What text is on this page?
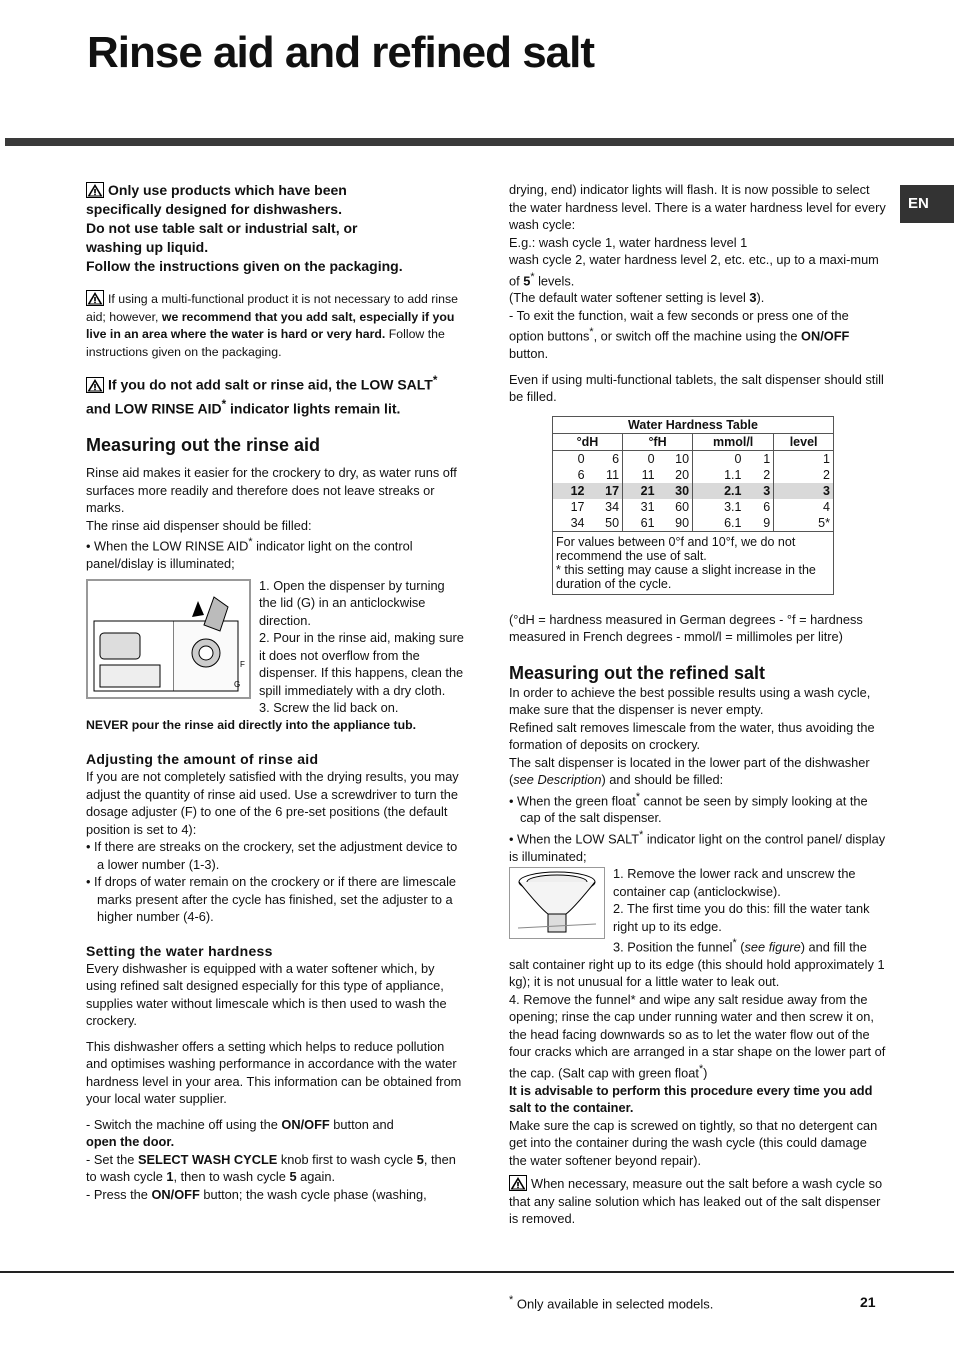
Rinse aid and refined salt
EN
Only use products which have been
specifically designed for dishwashers.
Do not use table salt or industrial salt, or
washing up liquid.
Follow the instructions given on the packaging.

If using a multi-functional product it is not necessary to add rinse aid; however, we recommend that you add salt, especially if you live in an area where the water is hard or very hard. Follow the instructions given on the packaging.

If you do not add salt or rinse aid, the LOW SALT* and LOW RINSE AID* indicator lights remain lit.
Measuring out the rinse aid

Rinse aid makes it easier for the crockery to dry, as water runs off surfaces more readily and therefore does not leave streaks or marks.

The rinse aid dispenser should be filled:

• When the LOW RINSE AID* indicator light on the control panel/dislay is illuminated;

F
G

1. Open the dispenser by turning the lid (G) in an anticlockwise direction.

2. Pour in the rinse aid, making sure it does not overflow from the dispenser. If this happens, clean the spill immediately with a dry cloth.

3. Screw the lid back on.

NEVER pour the rinse aid directly into the appliance tub.

Adjusting the amount of rinse aid

If you are not completely satisfied with the drying results, you may adjust the quantity of rinse aid used. Use a screwdriver to turn the dosage adjuster (F) to one of the 6 pre-set positions (the default position is set to 4):

• If there are streaks on the crockery, set the adjustment device to a lower number (1-3).

• If drops of water remain on the crockery or if there are limescale marks present after the cycle has finished, set the adjuster to a higher number (4-6).

Setting the water hardness

Every dishwasher is equipped with a water softener which, by using refined salt designed especially for this type of appliance, supplies water without limescale which is then used to wash the crockery.

This dishwasher offers a setting which helps to reduce pollution and optimises washing performance in accordance with the water hardness level in your area. This information can be obtained from your local water supplier.

- Switch the machine off using the ON/OFF button and
open the door.

- Set the SELECT WASH CYCLE knob first to wash cycle 5, then to wash cycle 1, then to wash cycle 5 again.

- Press the ON/OFF button; the wash cycle phase (washing,

drying, end) indicator lights will flash. It is now possible to select the water hardness level. There is a water hardness level for every wash cycle:

E.g.: wash cycle 1, water hardness level 1

wash cycle 2, water hardness level 2, etc. etc., up to a maxi-mum of 5* levels.

(The default water softener setting is level 3).

- To exit the function, wait a few seconds or press one of the option buttons*, or switch off the machine using the ON/OFF button.

Even if using multi-functional tablets, the salt dispenser should still be filled.

Water Hardness Table						
°dH		°fH		mmol/l		level
0	6	0	10	0	1	1
6	11	11	20	1.1	2	2
12	17	21	30	2.1	3	3
17	34	31	60	3.1	6	4
34	50	61	90	6.1	9	5*
For values between 0°f and 10°f, we do not recommend the use of salt.
* this setting may cause a slight increase in the duration of the cycle.						

(°dH = hardness measured in German degrees - °f = hardness measured in French degrees - mmol/l = millimoles per litre)

Measuring out the refined salt

In order to achieve the best possible results using a wash cycle, make sure that the dispenser is never empty.

Refined salt removes limescale from the water, thus avoiding the formation of deposits on crockery.

The salt dispenser is located in the lower part of the dishwasher (see Description) and should be filled:

• When the green float* cannot be seen by simply looking at the cap of the salt dispenser.

• When the LOW SALT* indicator light on the control panel/ display is illuminated;

1. Remove the lower rack and unscrew the container cap (anticlockwise).

2. The first time you do this: fill the water tank right up to its edge.

3. Position the funnel* (see figure) and fill the salt container right up to its edge (this should hold approximately 1 kg); it is not unusual for a little water to leak out.

4. Remove the funnel* and wipe any salt residue away from the opening; rinse the cap under running water and then screw it on, the head facing downwards so as to let the water flow out of the four cracks which are arranged in a star shape on the lower part of the cap. (Salt cap with green float*)

It is advisable to perform this procedure every time you add salt to the container.

Make sure the cap is screwed on tightly, so that no detergent can get into the container during the wash cycle (this could damage the water softener beyond repair).

When necessary, measure out the salt before a wash cycle so that any saline solution which has leaked out of the salt dispenser is removed.

* Only available in selected models.	21
